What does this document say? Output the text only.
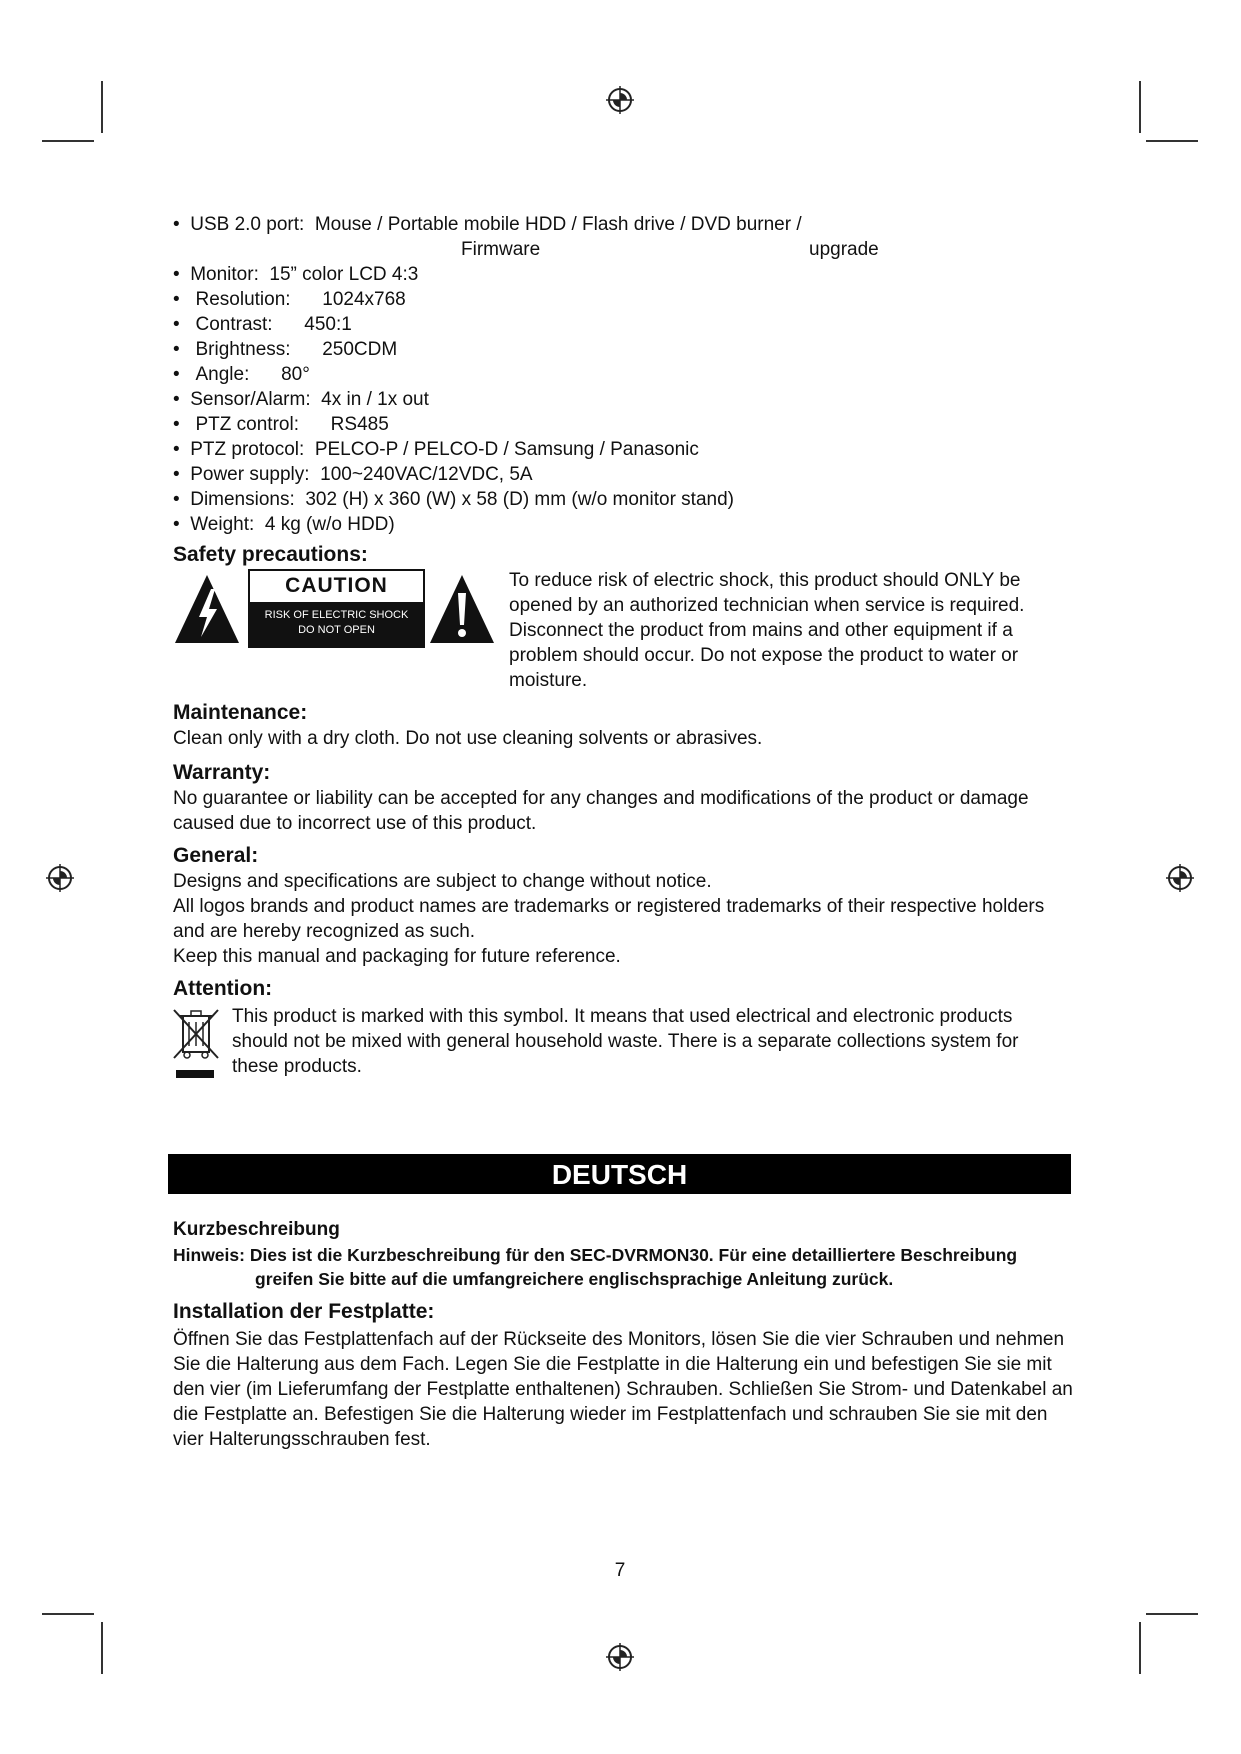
•  USB 2.0 port: Mouse / Portable mobile HDD / Flash drive / DVD burner /
Firmware	upgrade
•  Monitor: 15” color LCD 4:3
•   Resolution: 1024x768
•   Contrast: 450:1
•   Brightness: 250CDM
•   Angle: 80°
•  Sensor/Alarm: 4x in / 1x out
•   PTZ control: RS485
•  PTZ protocol: PELCO-P / PELCO-D / Samsung / Panasonic
•  Power supply: 100~240VAC/12VDC, 5A
•  Dimensions: 302 (H) x 360 (W) x 58 (D) mm (w/o monitor stand)
•  Weight: 4 kg (w/o HDD)
Safety precautions:
CAUTION
RISK OF ELECTRIC SHOCK
DO NOT OPEN
To reduce risk of electric shock, this product should ONLY be opened by an authorized technician when service is required. Disconnect the product from mains and other equipment if a problem should occur. Do not expose the product to water or moisture.
Maintenance:
Clean only with a dry cloth. Do not use cleaning solvents or abrasives.
Warranty:
No guarantee or liability can be accepted for any changes and modifications of the product or damage caused due to incorrect use of this product.
General:
Designs and specifications are subject to change without notice.
All logos brands and product names are trademarks or registered trademarks of their respective holders and are hereby recognized as such.
Keep this manual and packaging for future reference.
Attention:
This product is marked with this symbol. It means that used electrical and electronic products should not be mixed with general household waste. There is a separate collections system for these products.
DEUTSCH
Kurzbeschreibung
Hinweis: Dies ist die Kurzbeschreibung für den SEC-DVRMON30. Für eine detailliertere Beschreibung
greifen Sie bitte auf die umfangreichere englischsprachige Anleitung zurück.
Installation der Festplatte:
Öffnen Sie das Festplattenfach auf der Rückseite des Monitors, lösen Sie die vier Schrauben und nehmen Sie die Halterung aus dem Fach. Legen Sie die Festplatte in die Halterung ein und befestigen Sie sie mit den vier (im Lieferumfang der Festplatte enthaltenen) Schrauben. Schließen Sie Strom- und Datenkabel an die Festplatte an. Befestigen Sie die Halterung wieder im Festplattenfach und schrauben Sie sie mit den vier Halterungsschrauben fest.
7
